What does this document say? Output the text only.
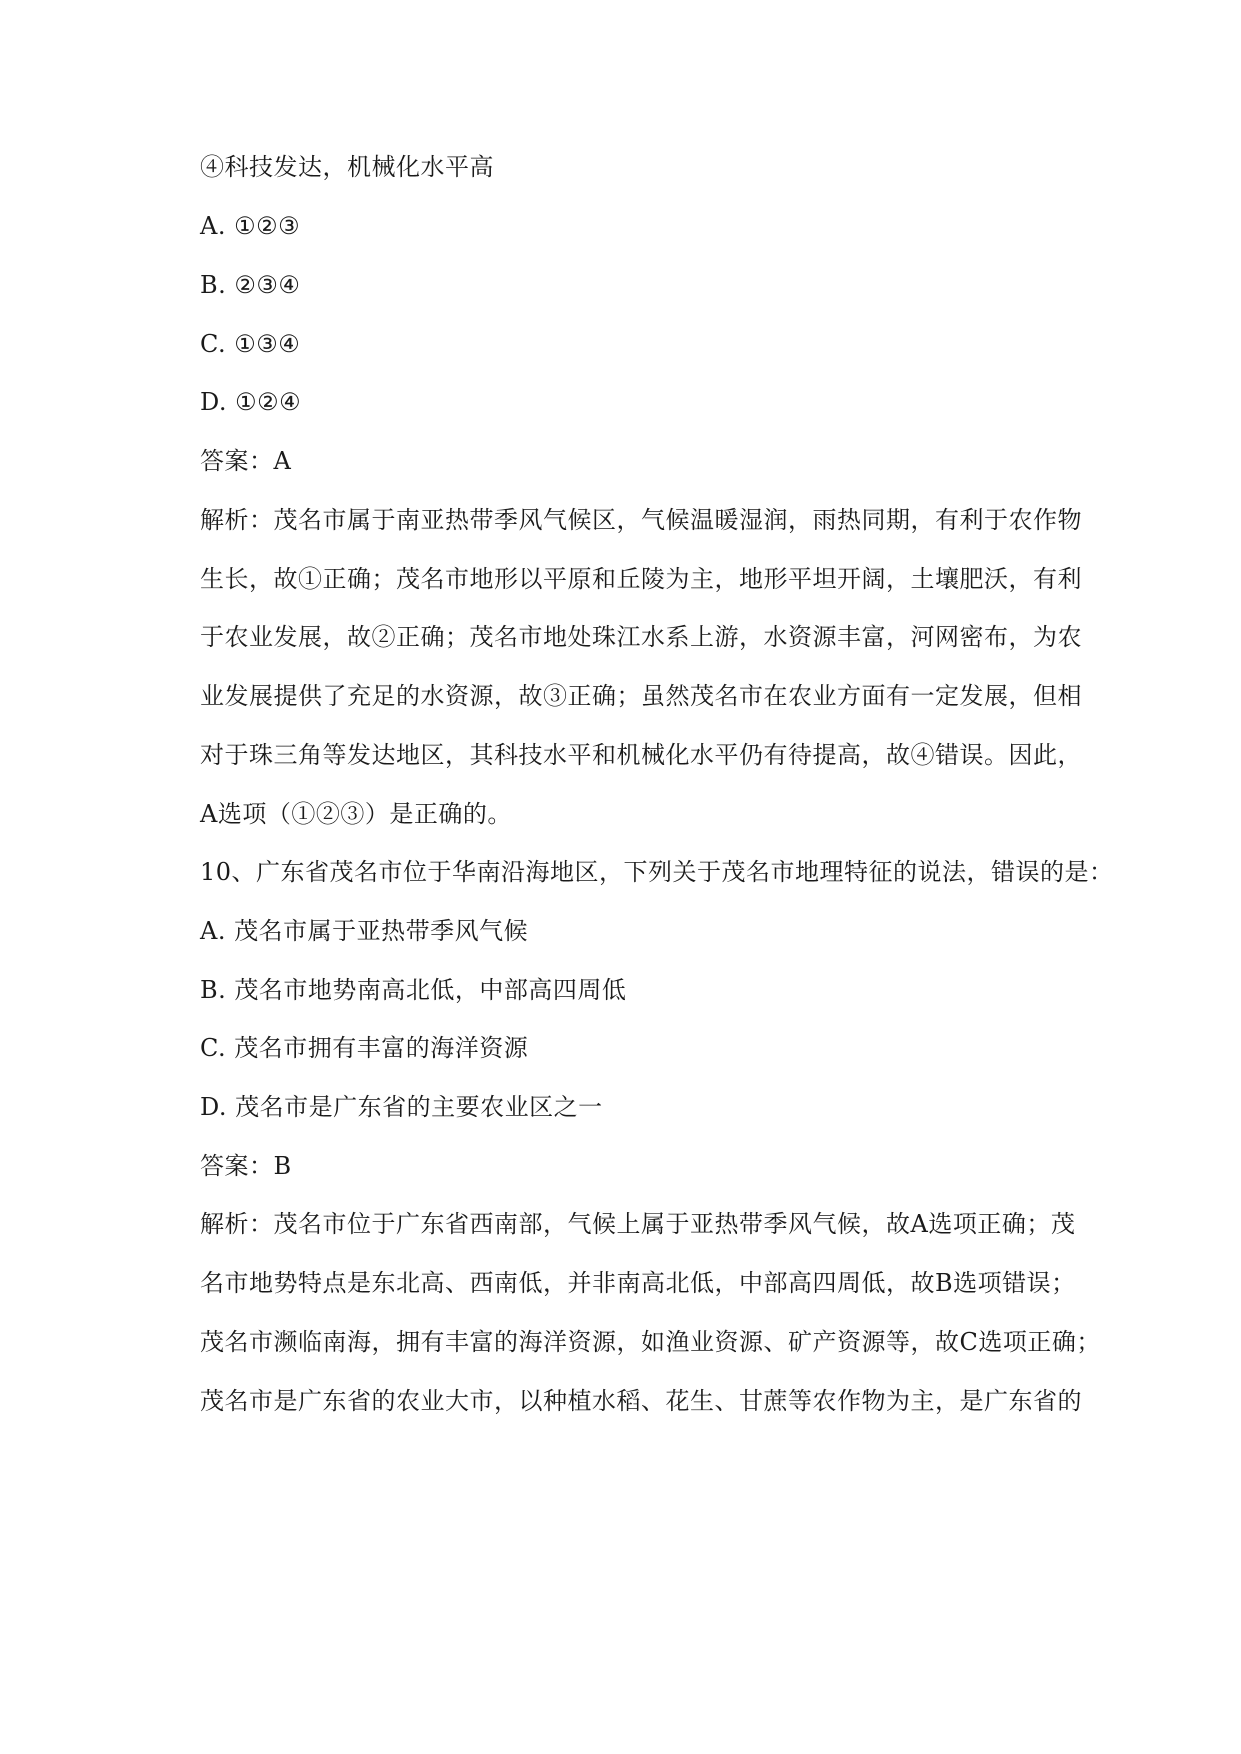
④科技发达，机械化水平高
A. ①②③
B. ②③④
C. ①③④
D. ①②④
答案：A
解析：茂名市属于南亚热带季风气候区，气候温暖湿润，雨热同期，有利于农作物
生长，故①正确；茂名市地形以平原和丘陵为主，地形平坦开阔，土壤肥沃，有利
于农业发展，故②正确；茂名市地处珠江水系上游，水资源丰富，河网密布，为农
业发展提供了充足的水资源，故③正确；虽然茂名市在农业方面有一定发展，但相
对于珠三角等发达地区，其科技水平和机械化水平仍有待提高，故④错误。因此，
A选项（①②③）是正确的。
10、广东省茂名市位于华南沿海地区，下列关于茂名市地理特征的说法，错误的是：
A. 茂名市属于亚热带季风气候
B. 茂名市地势南高北低，中部高四周低
C. 茂名市拥有丰富的海洋资源
D. 茂名市是广东省的主要农业区之一
答案：B
解析：茂名市位于广东省西南部，气候上属于亚热带季风气候，故A选项正确；茂
名市地势特点是东北高、西南低，并非南高北低，中部高四周低，故B选项错误；
茂名市濒临南海，拥有丰富的海洋资源，如渔业资源、矿产资源等，故C选项正确；
茂名市是广东省的农业大市，以种植水稻、花生、甘蔗等农作物为主，是广东省的
